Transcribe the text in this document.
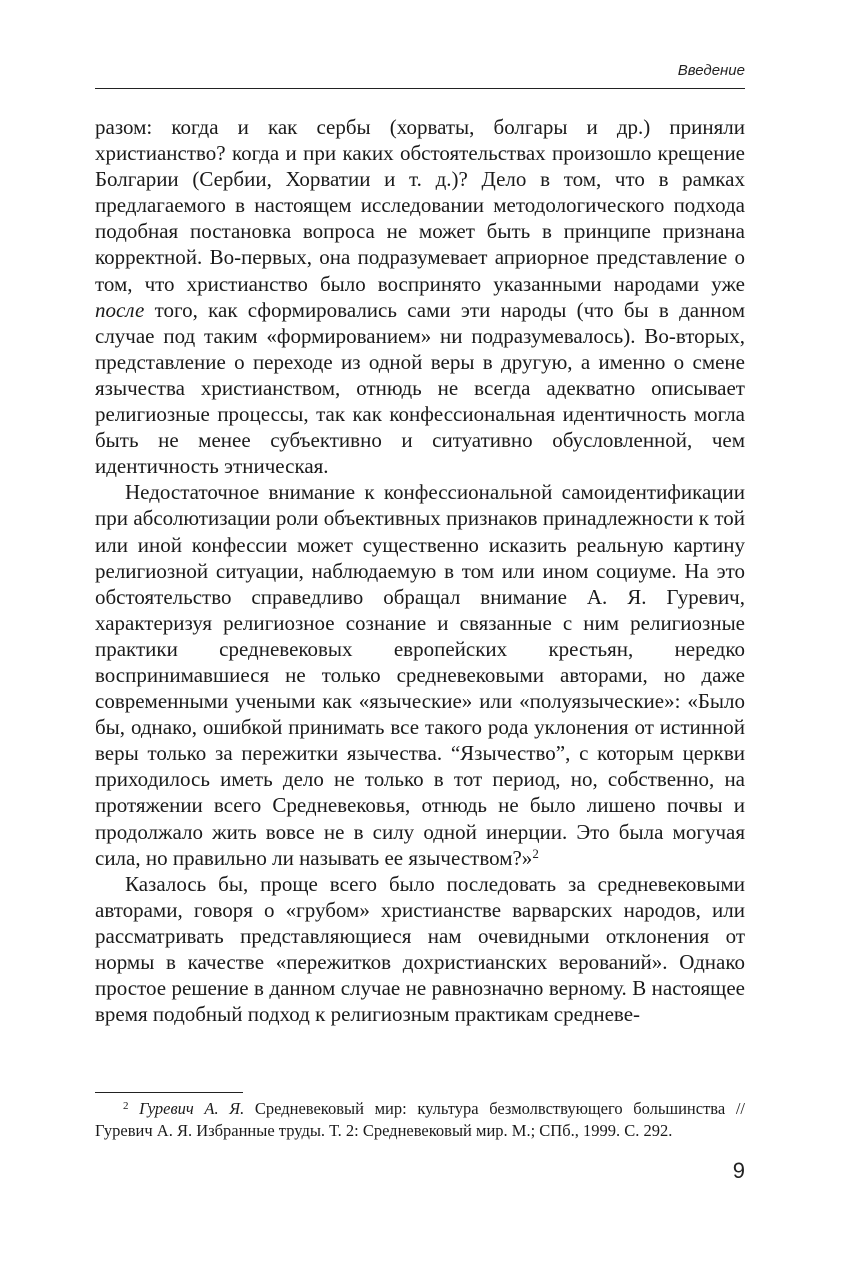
Введение

разом: когда и как сербы (хорваты, болгары и др.) приняли христианство? когда и при каких обстоятельствах произошло крещение Болгарии (Сербии, Хорватии и т. д.)? Дело в том, что в рамках предлагаемого в настоящем исследовании методологического подхода подобная постановка вопроса не может быть в принципе признана корректной. Во-первых, она подразумевает априорное представление о том, что христианство было воспринято указанными народами уже после того, как сформировались сами эти народы (что бы в данном случае под таким «формированием» ни подразумевалось). Во-вторых, представление о переходе из одной веры в другую, а именно о смене язычества христианством, отнюдь не всегда адекватно описывает религиозные процессы, так как конфессиональная идентичность могла быть не менее субъективно и ситуативно обусловленной, чем идентичность этническая.

Недостаточное внимание к конфессиональной самоидентификации при абсолютизации роли объективных признаков принадлежности к той или иной конфессии может существенно исказить реальную картину религиозной ситуации, наблюдаемую в том или ином социуме. На это обстоятельство справедливо обращал внимание А. Я. Гуревич, характеризуя религиозное сознание и связанные с ним религиозные практики средневековых европейских крестьян, нередко воспринимавшиеся не только средневековыми авторами, но даже современными учеными как «языческие» или «полуязыческие»: «Было бы, однако, ошибкой принимать все такого рода уклонения от истинной веры только за пережитки язычества. “Язычество”, с которым церкви приходилось иметь дело не только в тот период, но, собственно, на протяжении всего Средневековья, отнюдь не было лишено почвы и продолжало жить вовсе не в силу одной инерции. Это была могучая сила, но правильно ли называть ее язычеством?»$^2$

Казалось бы, проще всего было последовать за средневековыми авторами, говоря о «грубом» христианстве варварских народов, или рассматривать представляющиеся нам очевидными отклонения от нормы в качестве «пережитков дохристианских верований». Однако простое решение в данном случае не равнозначно верному. В настоящее время подобный подход к религиозным практикам средневе-

$^2$ Гуревич А. Я. Средневековый мир: культура безмолвствующего большинства // Гуревич А. Я. Избранные труды. Т. 2: Средневековый мир. М.; СПб., 1999. С. 292.

9
